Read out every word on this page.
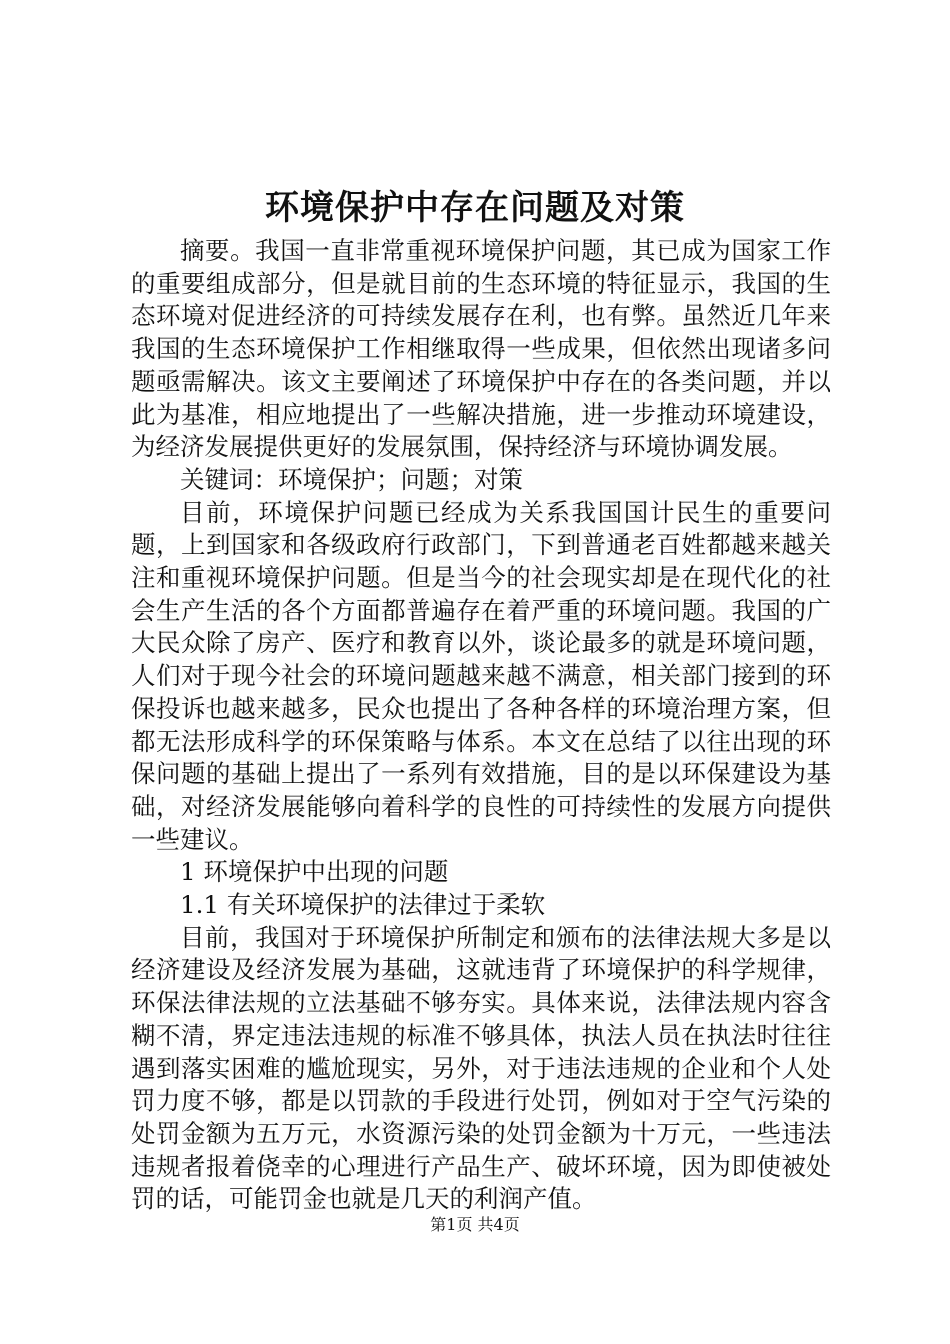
环境保护中存在问题及对策

摘要。我国一直非常重视环境保护问题，其已成为国家工作的重要组成部分，但是就目前的生态环境的特征显示，我国的生态环境对促进经济的可持续发展存在利，也有弊。虽然近几年来我国的生态环境保护工作相继取得一些成果，但依然出现诸多问题亟需解决。该文主要阐述了环境保护中存在的各类问题，并以此为基准，相应地提出了一些解决措施，进一步推动环境建设，为经济发展提供更好的发展氛围，保持经济与环境协调发展。

关键词：环境保护；问题；对策

目前，环境保护问题已经成为关系我国国计民生的重要问题，上到国家和各级政府行政部门，下到普通老百姓都越来越关注和重视环境保护问题。但是当今的社会现实却是在现代化的社会生产生活的各个方面都普遍存在着严重的环境问题。我国的广大民众除了房产、医疗和教育以外，谈论最多的就是环境问题，人们对于现今社会的环境问题越来越不满意，相关部门接到的环保投诉也越来越多，民众也提出了各种各样的环境治理方案，但都无法形成科学的环保策略与体系。本文在总结了以往出现的环保问题的基础上提出了一系列有效措施，目的是以环保建设为基础，对经济发展能够向着科学的良性的可持续性的发展方向提供一些建议。

1 环境保护中出现的问题

1.1 有关环境保护的法律过于柔软

目前，我国对于环境保护所制定和颁布的法律法规大多是以经济建设及经济发展为基础，这就违背了环境保护的科学规律，环保法律法规的立法基础不够夯实。具体来说，法律法规内容含糊不清，界定违法违规的标准不够具体，执法人员在执法时往往遇到落实困难的尴尬现实，另外，对于违法违规的企业和个人处罚力度不够，都是以罚款的手段进行处罚，例如对于空气污染的处罚金额为五万元，水资源污染的处罚金额为十万元，一些违法违规者报着侥幸的心理进行产品生产、破坏环境，因为即使被处罚的话，可能罚金也就是几天的利润产值。

第1页 共4页
